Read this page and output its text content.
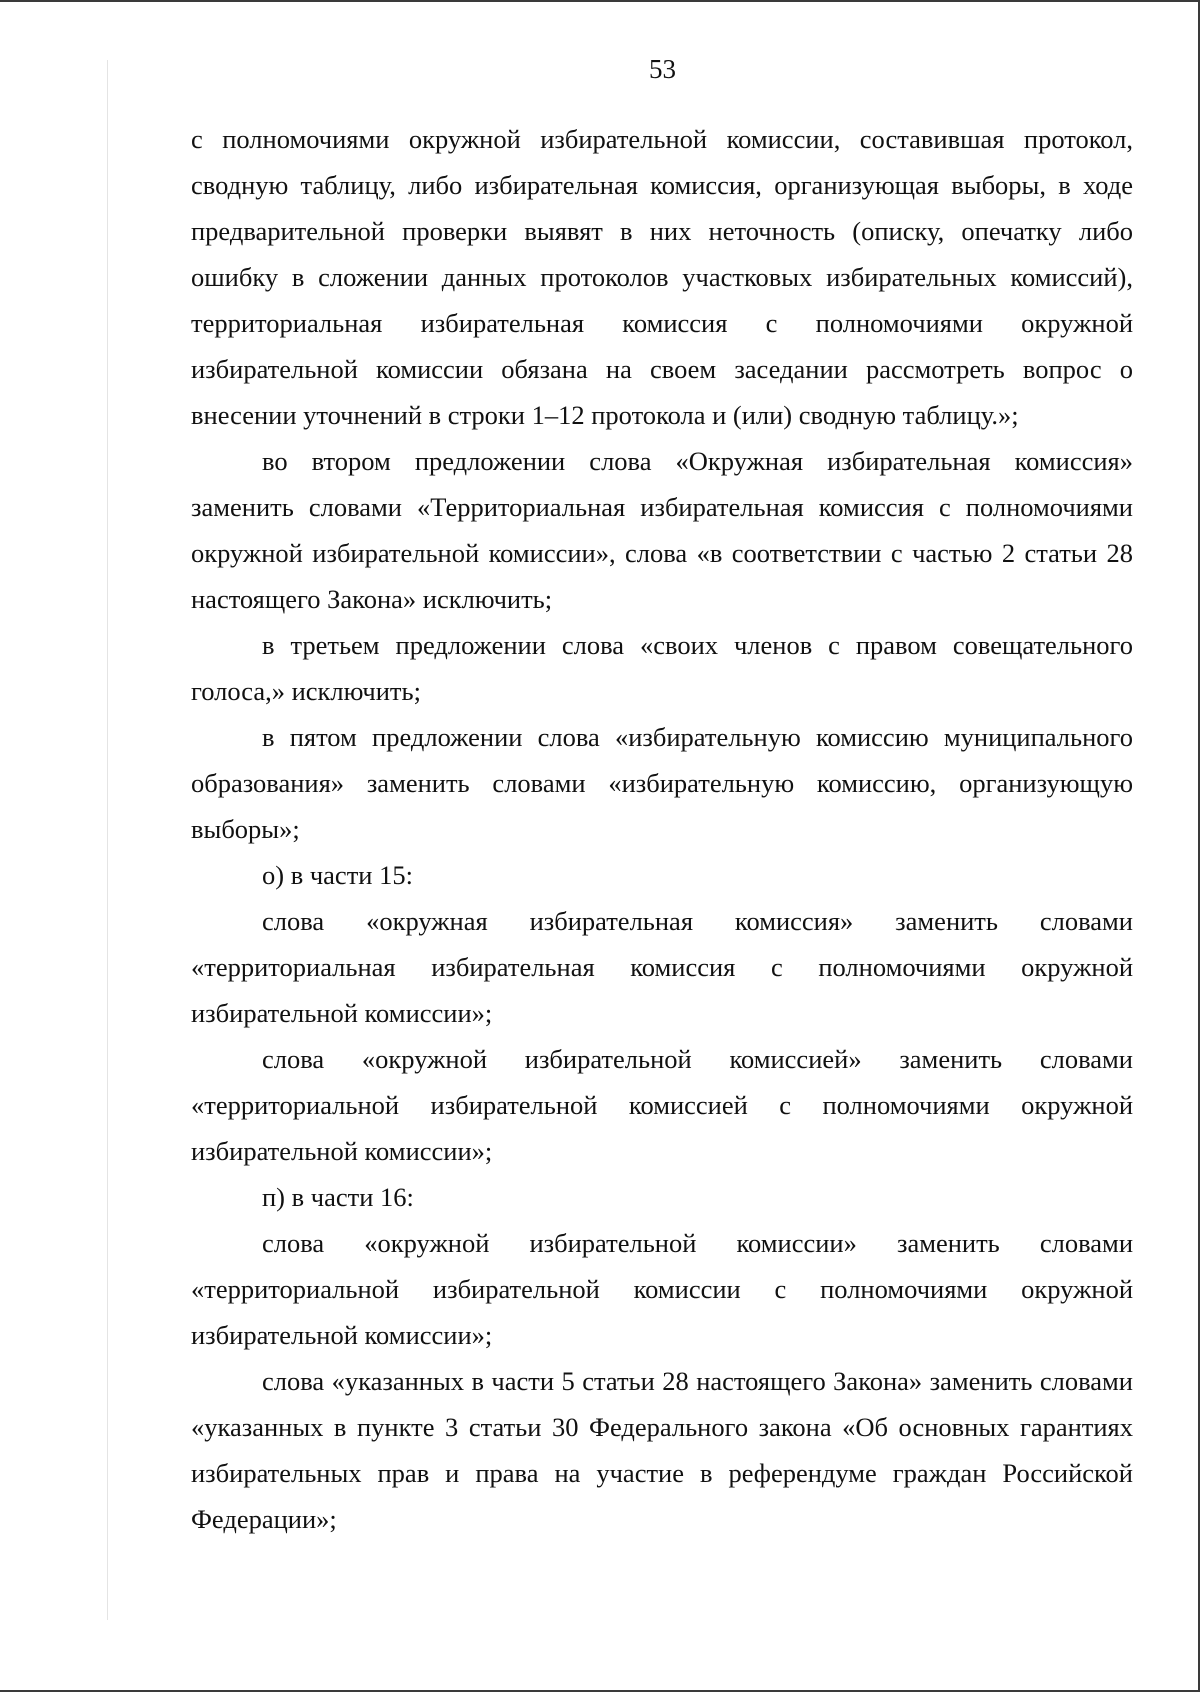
53

с полномочиями окружной избирательной комиссии, составившая протокол, сводную таблицу, либо избирательная комиссия, организующая выборы, в ходе предварительной проверки выявят в них неточность (описку, опечатку либо ошибку в сложении данных протоколов участковых избирательных комиссий), территориальная избирательная комиссия с полномочиями окружной избирательной комиссии обязана на своем заседании рассмотреть вопрос о внесении уточнений в строки 1–12 протокола и (или) сводную таблицу.»;

во втором предложении слова «Окружная избирательная комиссия» заменить словами «Территориальная избирательная комиссия с полномочиями окружной избирательной комиссии», слова «в соответствии с частью 2 статьи 28 настоящего Закона» исключить;

в третьем предложении слова «своих членов с правом совещательного голоса,» исключить;

в пятом предложении слова «избирательную комиссию муниципального образования» заменить словами «избирательную комиссию, организующую выборы»;

о) в части 15:

слова «окружная избирательная комиссия» заменить словами «территориальная избирательная комиссия с полномочиями окружной избирательной комиссии»;

слова «окружной избирательной комиссией» заменить словами «территориальной избирательной комиссией с полномочиями окружной избирательной комиссии»;

п) в части 16:

слова «окружной избирательной комиссии» заменить словами «территориальной избирательной комиссии с полномочиями окружной избирательной комиссии»;

слова «указанных в части 5 статьи 28 настоящего Закона» заменить словами «указанных в пункте 3 статьи 30 Федерального закона «Об основных гарантиях избирательных прав и права на участие в референдуме граждан Российской Федерации»;
